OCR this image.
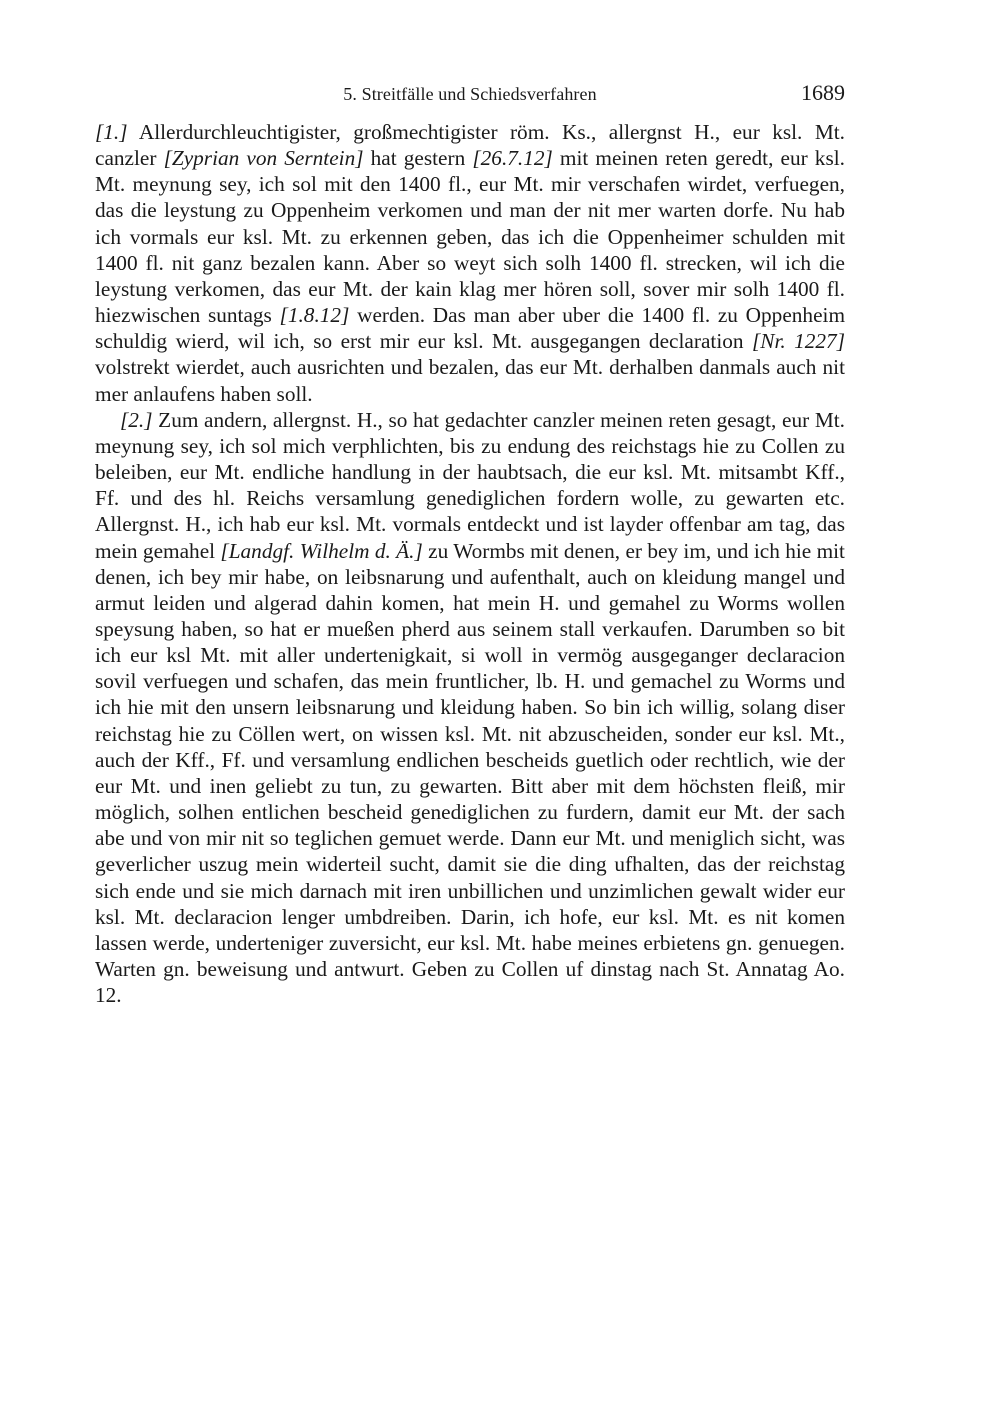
5. Streitfälle und Schiedsverfahren	1689

[1.] Allerdurchleuchtigister, großmechtigister röm. Ks., allergnst H., eur ksl. Mt. canzler [Zyprian von Serntein] hat gestern [26.7.12] mit meinen reten geredt, eur ksl. Mt. meynung sey, ich sol mit den 1400 fl., eur Mt. mir verschafen wirdet, verfuegen, das die leystung zu Oppenheim verkomen und man der nit mer warten dorfe. Nu hab ich vormals eur ksl. Mt. zu erkennen geben, das ich die Oppenheimer schulden mit 1400 fl. nit ganz bezalen kann. Aber so weyt sich solh 1400 fl. strecken, wil ich die leystung verkomen, das eur Mt. der kain klag mer hören soll, sover mir solh 1400 fl. hiezwischen suntags [1.8.12] werden. Das man aber uber die 1400 fl. zu Oppenheim schuldig wierd, wil ich, so erst mir eur ksl. Mt. ausgegangen declaration [Nr. 1227] volstrekt wierdet, auch ausrichten und bezalen, das eur Mt. derhalben danmals auch nit mer anlaufens haben soll.

[2.] Zum andern, allergnst. H., so hat gedachter canzler meinen reten gesagt, eur Mt. meynung sey, ich sol mich verphlichten, bis zu endung des reichstags hie zu Collen zu beleiben, eur Mt. endliche handlung in der haubtsach, die eur ksl. Mt. mitsambt Kff., Ff. und des hl. Reichs versamlung genediglichen fordern wolle, zu gewarten etc. Allergnst. H., ich hab eur ksl. Mt. vormals entdeckt und ist layder offenbar am tag, das mein gemahel [Landgf. Wilhelm d. Ä.] zu Wormbs mit denen, er bey im, und ich hie mit denen, ich bey mir habe, on leibsnarung und aufenthalt, auch on kleidung mangel und armut leiden und algerad dahin komen, hat mein H. und gemahel zu Worms wollen speysung haben, so hat er mueßen pherd aus seinem stall verkaufen. Darumben so bit ich eur ksl Mt. mit aller undertenigkait, si woll in vermög ausgeganger declaracion sovil verfuegen und schafen, das mein fruntlicher, lb. H. und gemachel zu Worms und ich hie mit den unsern leibsnarung und kleidung haben. So bin ich willig, solang diser reichstag hie zu Cöllen wert, on wissen ksl. Mt. nit abzuscheiden, sonder eur ksl. Mt., auch der Kff., Ff. und versamlung endlichen bescheids guetlich oder rechtlich, wie der eur Mt. und inen geliebt zu tun, zu gewarten. Bitt aber mit dem höchsten fleiß, mir möglich, solhen entlichen bescheid genediglichen zu furdern, damit eur Mt. der sach abe und von mir nit so teglichen gemuet werde. Dann eur Mt. und meniglich sicht, was geverlicher uszug mein widerteil sucht, damit sie die ding ufhalten, das der reichstag sich ende und sie mich darnach mit iren unbillichen und unzimlichen gewalt wider eur ksl. Mt. declaracion lenger umbdreiben. Darin, ich hofe, eur ksl. Mt. es nit komen lassen werde, underteniger zuversicht, eur ksl. Mt. habe meines erbietens gn. genuegen. Warten gn. beweisung und antwurt. Geben zu Collen uf dinstag nach St. Annatag Ao. 12.
